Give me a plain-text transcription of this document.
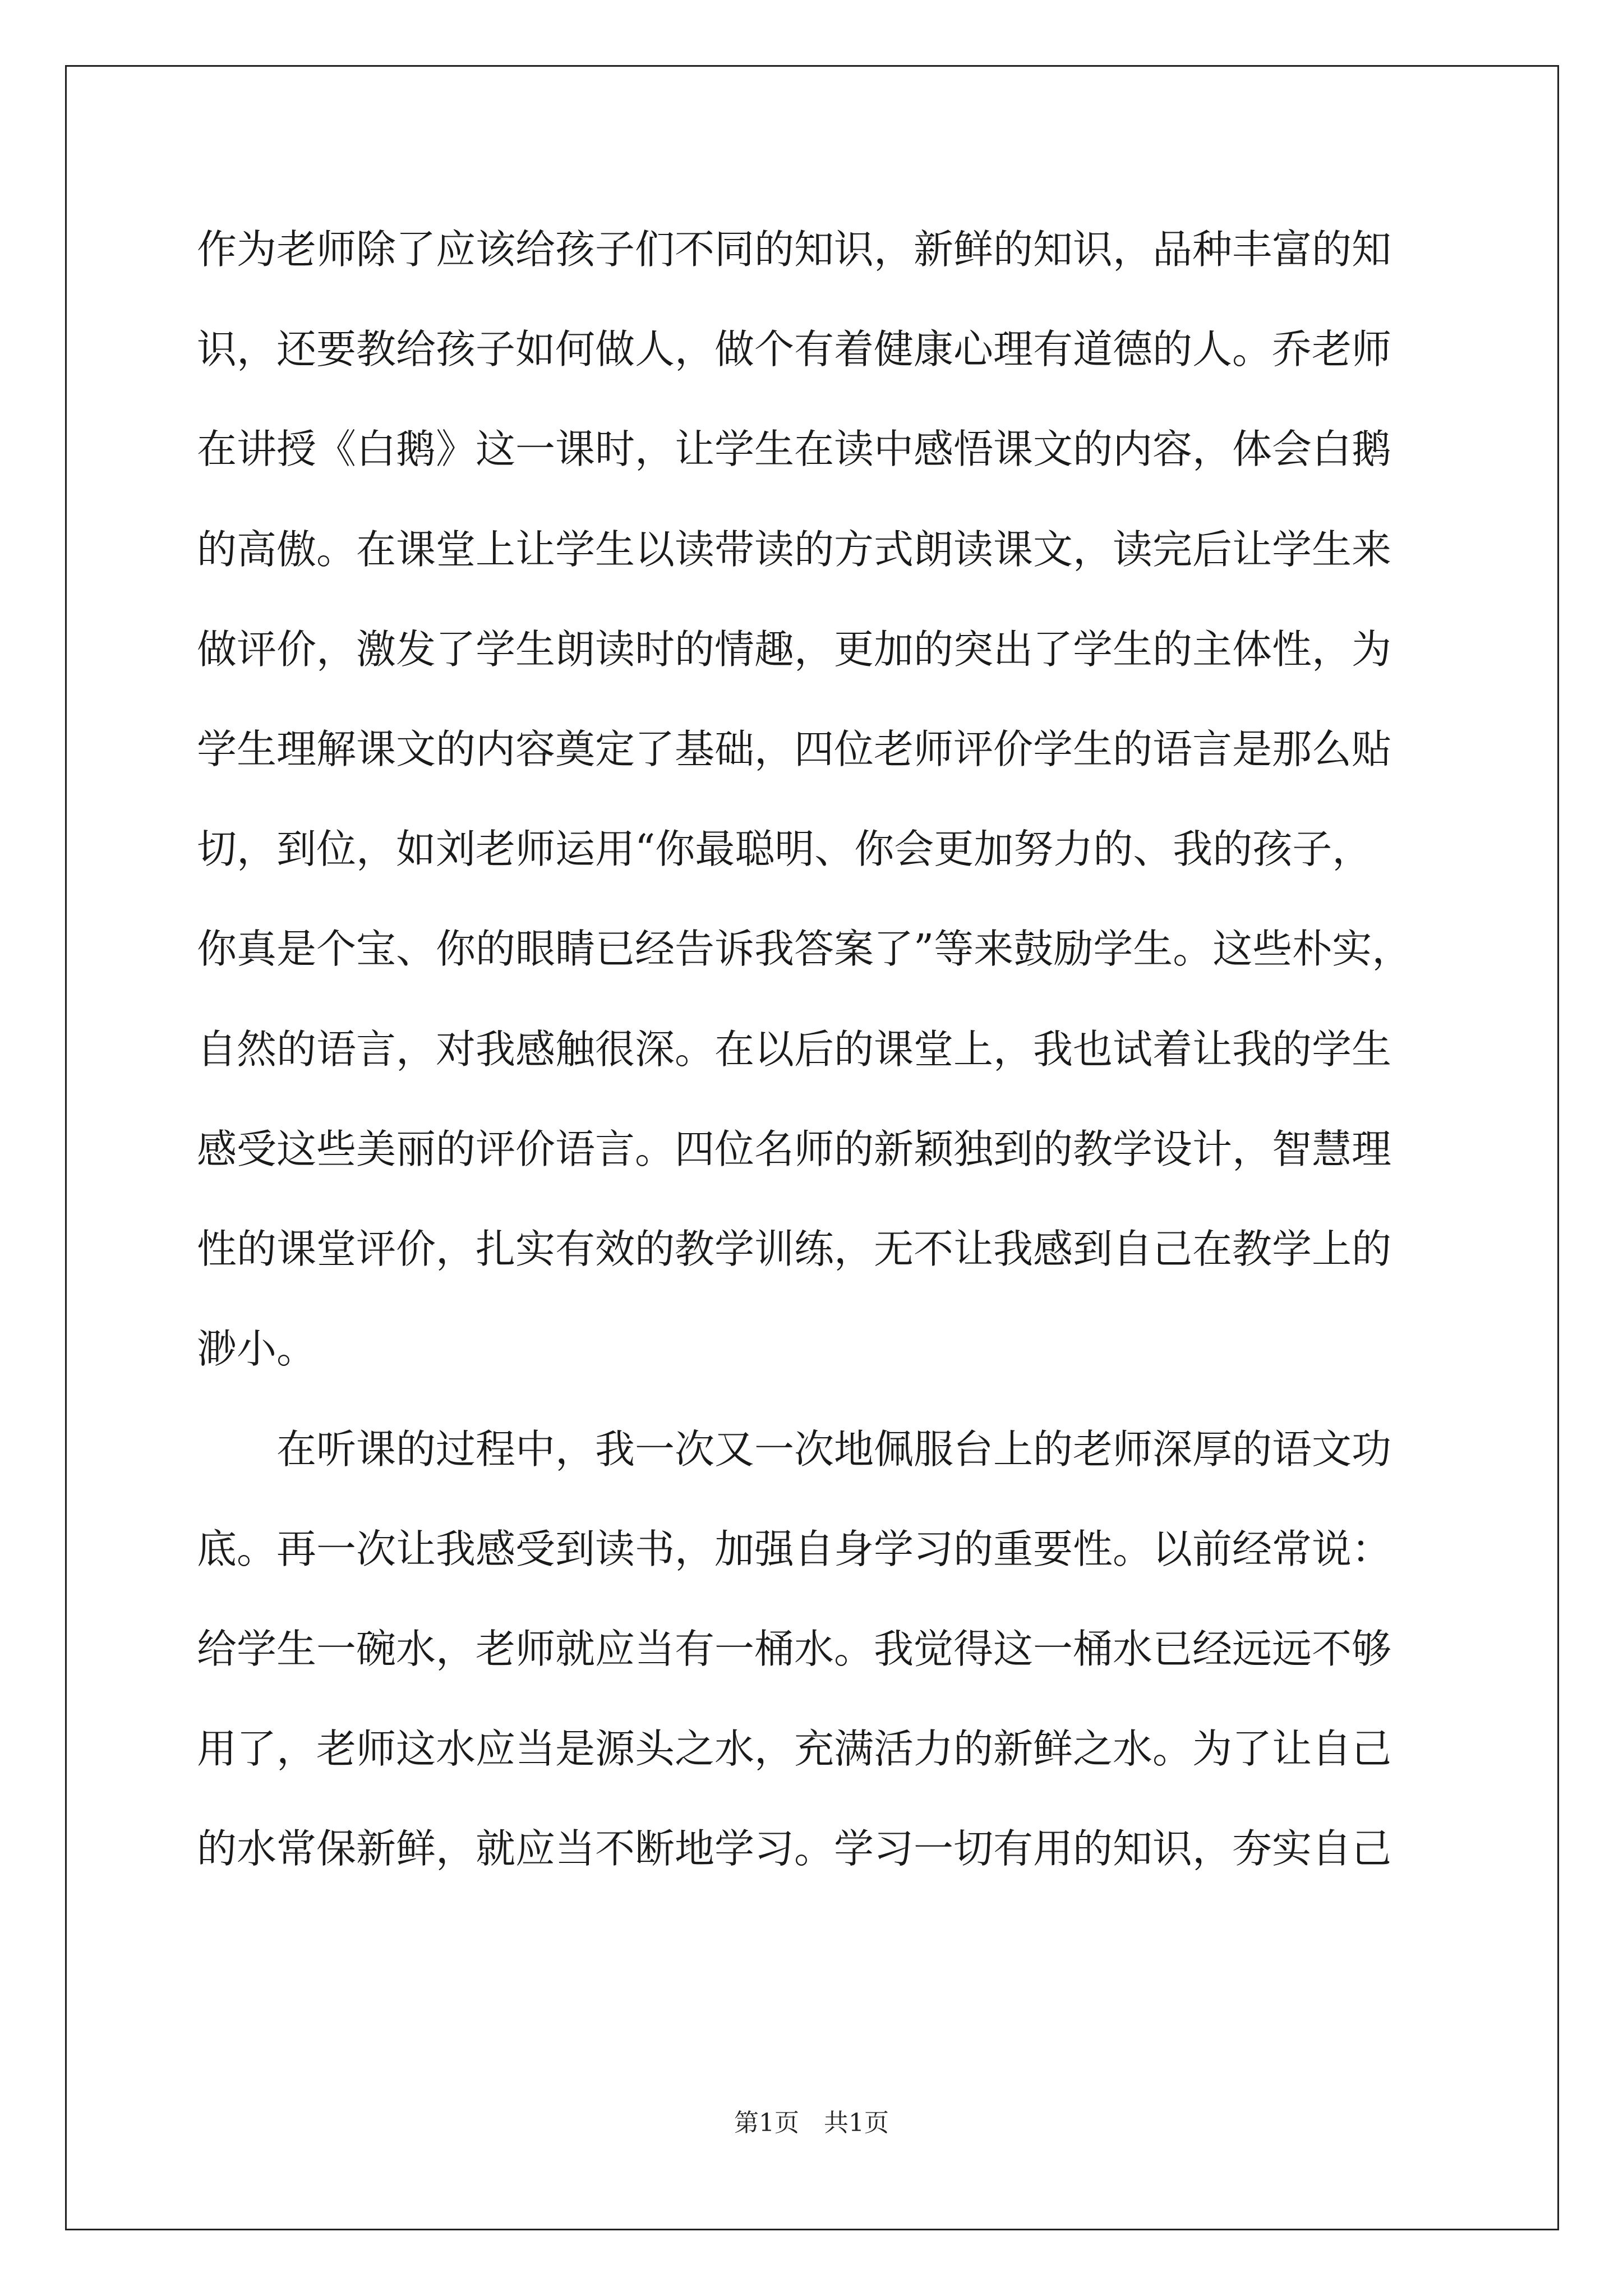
作为老师除了应该给孩子们不同的知识，新鲜的知识，品种丰富的知
识，还要教给孩子如何做人，做个有着健康心理有道德的人。乔老师
在讲授《白鹅》这一课时，让学生在读中感悟课文的内容，体会白鹅
的高傲。在课堂上让学生以读带读的方式朗读课文，读完后让学生来
做评价，激发了学生朗读时的情趣，更加的突出了学生的主体性，为
学生理解课文的内容奠定了基础，四位老师评价学生的语言是那么贴
切，到位，如刘老师运用“你最聪明、你会更加努力的、我的孩子，
你真是个宝、你的眼睛已经告诉我答案了”等来鼓励学生。这些朴实，
自然的语言，对我感触很深。在以后的课堂上，我也试着让我的学生
感受这些美丽的评价语言。四位名师的新颖独到的教学设计，智慧理
性的课堂评价，扎实有效的教学训练，无不让我感到自己在教学上的
渺小。
　　在听课的过程中，我一次又一次地佩服台上的老师深厚的语文功
底。再一次让我感受到读书，加强自身学习的重要性。以前经常说：
给学生一碗水，老师就应当有一桶水。我觉得这一桶水已经远远不够
用了，老师这水应当是源头之水，充满活力的新鲜之水。为了让自己
的水常保新鲜，就应当不断地学习。学习一切有用的知识，夯实自己
第1页　共1页
